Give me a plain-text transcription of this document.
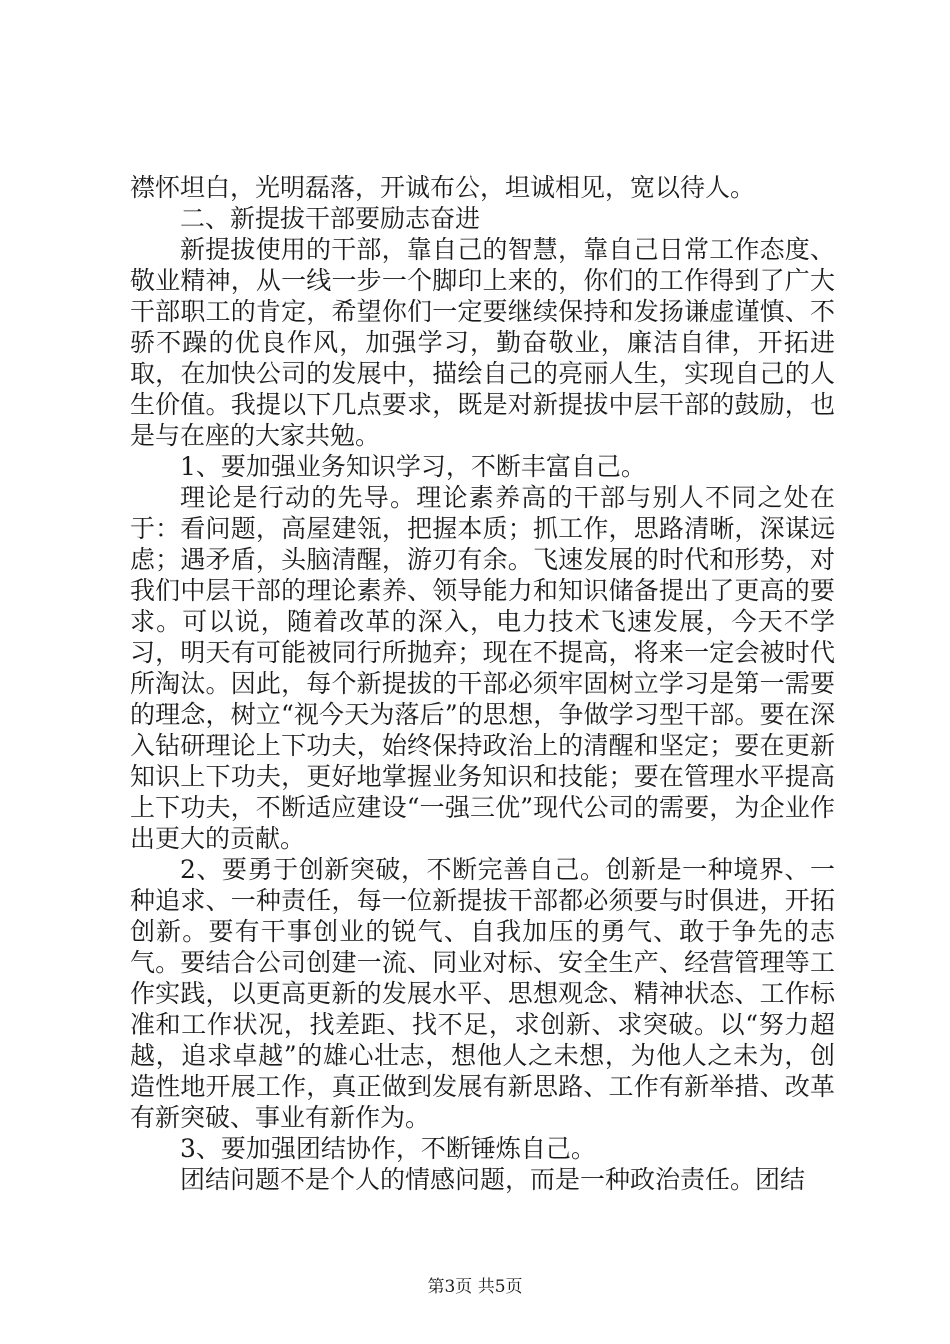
襟怀坦白，光明磊落，开诚布公，坦诚相见，宽以待人。

二、新提拔干部要励志奋进

新提拔使用的干部，靠自己的智慧，靠自己日常工作态度、敬业精神，从一线一步一个脚印上来的，你们的工作得到了广大干部职工的肯定，希望你们一定要继续保持和发扬谦虚谨慎、不骄不躁的优良作风，加强学习，勤奋敬业，廉洁自律，开拓进取，在加快公司的发展中，描绘自己的亮丽人生，实现自己的人生价值。我提以下几点要求，既是对新提拔中层干部的鼓励，也是与在座的大家共勉。

1、要加强业务知识学习，不断丰富自己。

理论是行动的先导。理论素养高的干部与别人不同之处在于：看问题，高屋建瓴，把握本质；抓工作，思路清晰，深谋远虑；遇矛盾，头脑清醒，游刃有余。飞速发展的时代和形势，对我们中层干部的理论素养、领导能力和知识储备提出了更高的要求。可以说，随着改革的深入，电力技术飞速发展，今天不学习，明天有可能被同行所抛弃；现在不提高，将来一定会被时代所淘汰。因此，每个新提拔的干部必须牢固树立学习是第一需要的理念，树立“视今天为落后”的思想，争做学习型干部。要在深入钻研理论上下功夫，始终保持政治上的清醒和坚定；要在更新知识上下功夫，更好地掌握业务知识和技能；要在管理水平提高上下功夫，不断适应建设“一强三优”现代公司的需要，为企业作出更大的贡献。

2、要勇于创新突破，不断完善自己。创新是一种境界、一种追求、一种责任，每一位新提拔干部都必须要与时俱进，开拓创新。要有干事创业的锐气、自我加压的勇气、敢于争先的志气。要结合公司创建一流、同业对标、安全生产、经营管理等工作实践，以更高更新的发展水平、思想观念、精神状态、工作标准和工作状况，找差距、找不足，求创新、求突破。以“努力超越，追求卓越”的雄心壮志，想他人之未想，为他人之未为，创造性地开展工作，真正做到发展有新思路、工作有新举措、改革有新突破、事业有新作为。

3、要加强团结协作，不断锤炼自己。

团结问题不是个人的情感问题，而是一种政治责任。团结

第3页 共5页
